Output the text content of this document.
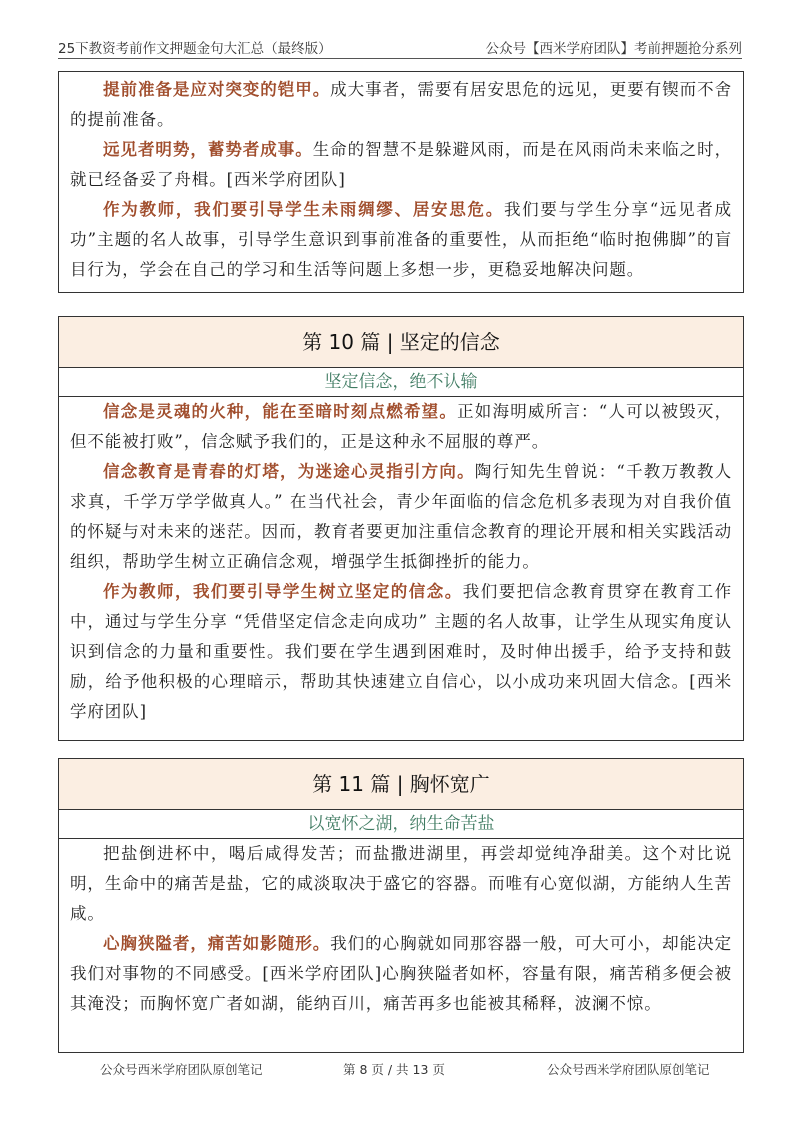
25下教资考前作文押题金句大汇总（最终版）	公众号【西米学府团队】考前押题抢分系列

提前准备是应对突变的铠甲。成大事者，需要有居安思危的远见，更要有锲而不舍的提前准备。

远见者明势，蓄势者成事。生命的智慧不是躲避风雨，而是在风雨尚未来临之时，就已经备妥了舟楫。[西米学府团队]

作为教师，我们要引导学生未雨绸缪、居安思危。我们要与学生分享“远见者成功”主题的名人故事，引导学生意识到事前准备的重要性，从而拒绝“临时抱佛脚”的盲目行为，学会在自己的学习和生活等问题上多想一步，更稳妥地解决问题。

第 10 篇 | 坚定的信念
坚定信念，绝不认输

信念是灵魂的火种，能在至暗时刻点燃希望。正如海明威所言：“人可以被毁灭，但不能被打败”，信念赋予我们的，正是这种永不屈服的尊严。

信念教育是青春的灯塔，为迷途心灵指引方向。陶行知先生曾说：“千教万教教人求真，千学万学学做真人。” 在当代社会，青少年面临的信念危机多表现为对自我价值的怀疑与对未来的迷茫。因而，教育者要更加注重信念教育的理论开展和相关实践活动组织，帮助学生树立正确信念观，增强学生抵御挫折的能力。

作为教师，我们要引导学生树立坚定的信念。我们要把信念教育贯穿在教育工作中，通过与学生分享 “凭借坚定信念走向成功” 主题的名人故事，让学生从现实角度认识到信念的力量和重要性。我们要在学生遇到困难时，及时伸出援手，给予支持和鼓励，给予他积极的心理暗示，帮助其快速建立自信心，以小成功来巩固大信念。[西米学府团队]

第 11 篇 | 胸怀宽广
以宽怀之湖，纳生命苦盐

把盐倒进杯中，喝后咸得发苦；而盐撒进湖里，再尝却觉纯净甜美。这个对比说明，生命中的痛苦是盐，它的咸淡取决于盛它的容器。而唯有心宽似湖，方能纳人生苦咸。

心胸狭隘者，痛苦如影随形。我们的心胸就如同那容器一般，可大可小，却能决定我们对事物的不同感受。[西米学府团队]心胸狭隘者如杯，容量有限，痛苦稍多便会被其淹没；而胸怀宽广者如湖，能纳百川，痛苦再多也能被其稀释，波澜不惊。

公众号西米学府团队原创笔记	第 8 页 / 共 13 页	公众号西米学府团队原创笔记
